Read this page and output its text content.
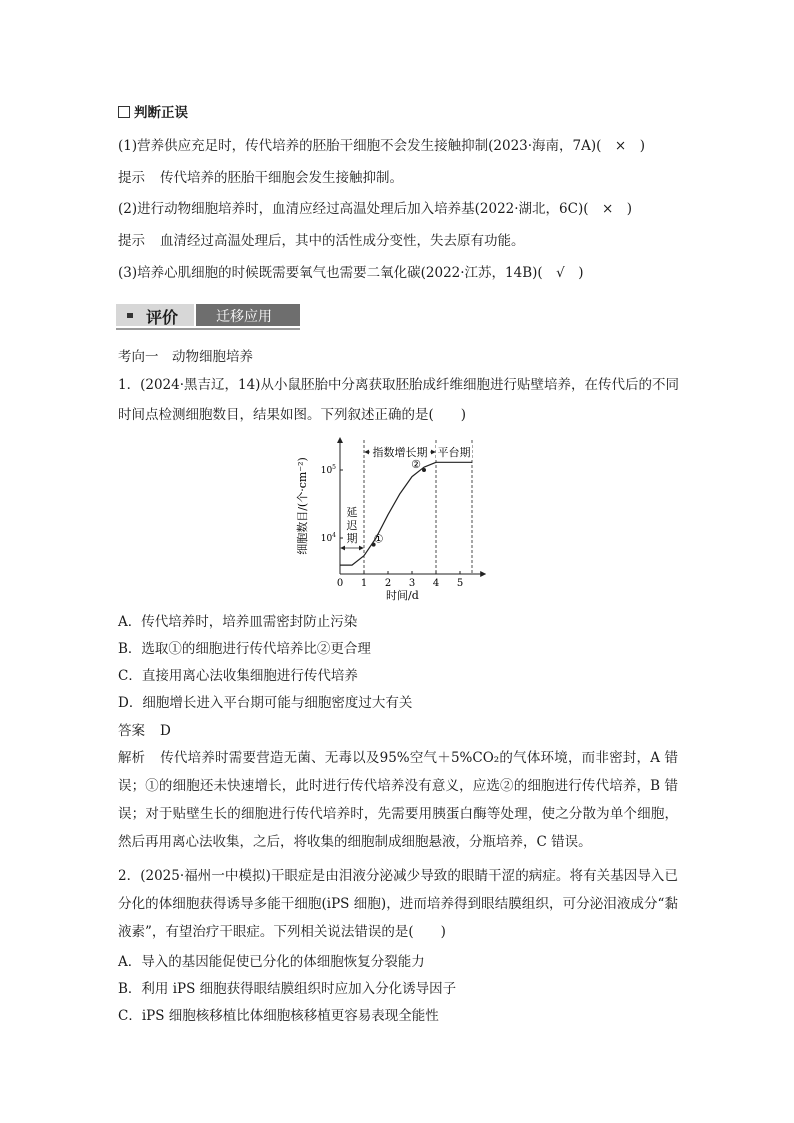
判断正误
(1)营养供应充足时，传代培养的胚胎干细胞不会发生接触抑制(2023·海南，7A)(　×　)
提示 传代培养的胚胎干细胞会发生接触抑制。
(2)进行动物细胞培养时，血清应经过高温处理后加入培养基(2022·湖北，6C)(　×　)
提示 血清经过高温处理后，其中的活性成分变性，失去原有功能。
(3)培养心肌细胞的时候既需要氧气也需要二氧化碳(2022·江苏，14B)(　√　)
评价	迁移应用
考向一　动物细胞培养
1．(2024·黑吉辽，14)从小鼠胚胎中分离获取胚胎成纤维细胞进行贴壁培养，在传代后的不同
时间点检测细胞数目，结果如图。下列叙述正确的是(　　)
0 1 2 3 4 5
$10^4$
$10^5$
时间/d
细胞数目/(个·cm⁻²)	延
迟
期
指数增长期 平台期
①
②
A．传代培养时，培养皿需密封防止污染
B．选取①的细胞进行传代培养比②更合理
C．直接用离心法收集细胞进行传代培养
D．细胞增长进入平台期可能与细胞密度过大有关
答案 D
解析 传代培养时需要营造无菌、无毒以及95%空气＋5%CO₂的气体环境，而非密封，A 错误；①的细胞还未快速增长，此时进行传代培养没有意义，应选②的细胞进行传代培养，B 错误；对于贴壁生长的细胞进行传代培养时，先需要用胰蛋白酶等处理，使之分散为单个细胞，然后再用离心法收集，之后，将收集的细胞制成细胞悬液，分瓶培养，C 错误。
2．(2025·福州一中模拟)干眼症是由泪液分泌减少导致的眼睛干涩的病症。将有关基因导入已分化的体细胞获得诱导多能干细胞(iPS 细胞)，进而培养得到眼结膜组织，可分泌泪液成分“黏液素”，有望治疗干眼症。下列相关说法错误的是(　　)
A．导入的基因能促使已分化的体细胞恢复分裂能力
B．利用 iPS 细胞获得眼结膜组织时应加入分化诱导因子
C．iPS 细胞核移植比体细胞核移植更容易表现全能性
